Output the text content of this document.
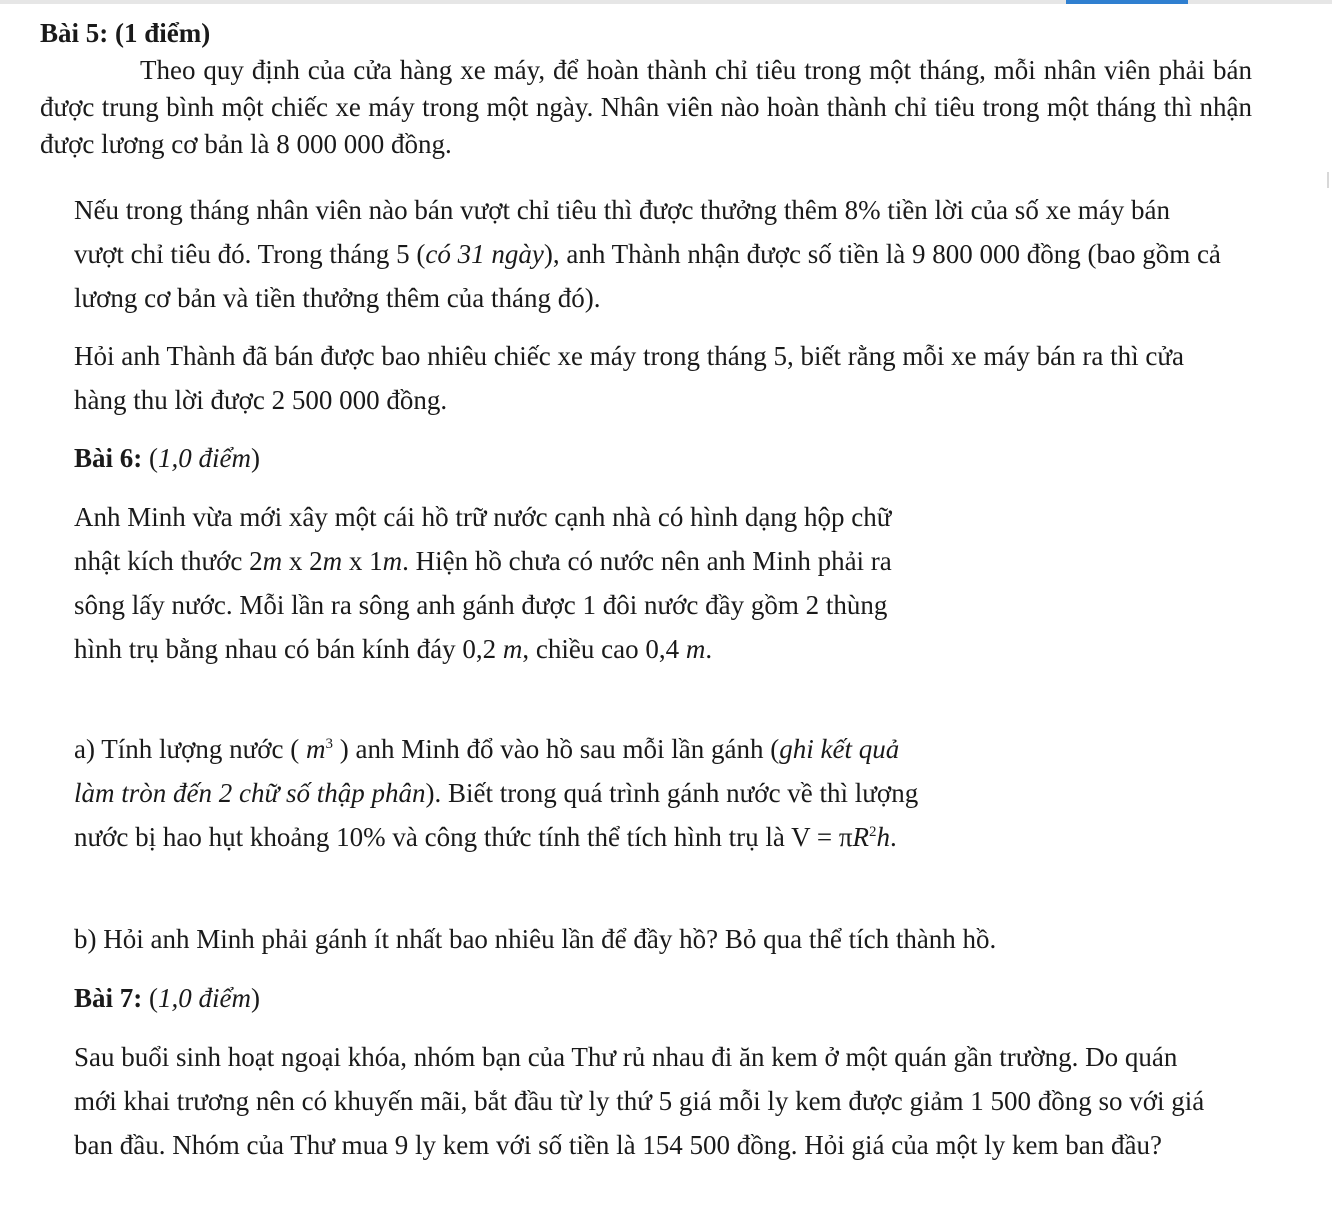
Bài 5: (1 điểm)
Theo quy định của cửa hàng xe máy, để hoàn thành chỉ tiêu trong một tháng, mỗi nhân viên phải bán được trung bình một chiếc xe máy trong một ngày. Nhân viên nào hoàn thành chỉ tiêu trong một tháng thì nhận được lương cơ bản là 8 000 000 đồng.

Nếu trong tháng nhân viên nào bán vượt chỉ tiêu thì được thưởng thêm 8% tiền lời của số xe máy bán vượt chỉ tiêu đó. Trong tháng 5 (có 31 ngày), anh Thành nhận được số tiền là 9 800 000 đồng (bao gồm cả lương cơ bản và tiền thưởng thêm của tháng đó).

Hỏi anh Thành đã bán được bao nhiêu chiếc xe máy trong tháng 5, biết rằng mỗi xe máy bán ra thì cửa hàng thu lời được 2 500 000 đồng.

Bài 6: (1,0 điểm)

Anh Minh vừa mới xây một cái hồ trữ nước cạnh nhà có hình dạng hộp chữ nhật kích thước 2m x 2m x 1m. Hiện hồ chưa có nước nên anh Minh phải ra sông lấy nước. Mỗi lần ra sông anh gánh được 1 đôi nước đầy gồm 2 thùng hình trụ bằng nhau có bán kính đáy 0,2 m, chiều cao 0,4 m.

a) Tính lượng nước ( $m^3$ ) anh Minh đổ vào hồ sau mỗi lần gánh (ghi kết quả làm tròn đến 2 chữ số thập phân). Biết trong quá trình gánh nước về thì lượng nước bị hao hụt khoảng 10% và công thức tính thể tích hình trụ là $V = \pi R^2h$.

b) Hỏi anh Minh phải gánh ít nhất bao nhiêu lần để đầy hồ? Bỏ qua thể tích thành hồ.

Bài 7: (1,0 điểm)

Sau buổi sinh hoạt ngoại khóa, nhóm bạn của Thư rủ nhau đi ăn kem ở một quán gần trường. Do quán mới khai trương nên có khuyến mãi, bắt đầu từ ly thứ 5 giá mỗi ly kem được giảm 1 500 đồng so với giá ban đầu. Nhóm của Thư mua 9 ly kem với số tiền là 154 500 đồng. Hỏi giá của một ly kem ban đầu?
